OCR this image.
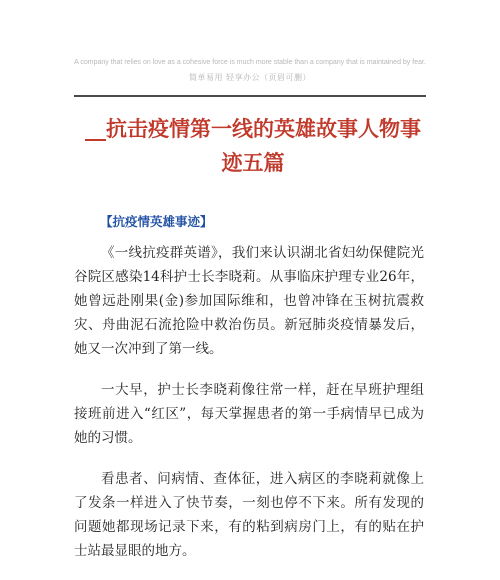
A company that relies on love as a cohesive force is much more stable than a company that is maintained by fear.
简单易用 轻享办公（页眉可删）
__抗击疫情第一线的英雄故事人物事迹五篇
【抗疫情英雄事迹】

《一线抗疫群英谱》，我们来认识湖北省妇幼保健院光谷院区感染14科护士长李晓莉。从事临床护理专业26年，她曾远赴刚果(金)参加国际维和，也曾冲锋在玉树抗震救灾、舟曲泥石流抢险中救治伤员。新冠肺炎疫情暴发后，她又一次冲到了第一线。

一大早，护士长李晓莉像往常一样，赶在早班护理组接班前进入“红区”，每天掌握患者的第一手病情早已成为她的习惯。

看患者、问病情、查体征，进入病区的李晓莉就像上了发条一样进入了快节奏，一刻也停不下来。所有发现的问题她都现场记录下来，有的粘到病房门上，有的贴在护士站最显眼的地方。
